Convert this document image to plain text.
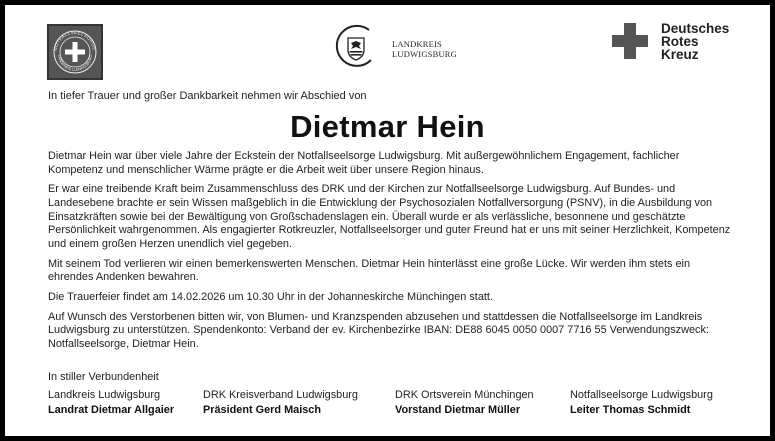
NOTFALLSEELSORGE
LANDKREIS LUDWIGSBURG
LANDKREIS
LUDWIGSBURG
Deutsches
Rotes
Kreuz
In tiefer Trauer und großer Dankbarkeit nehmen wir Abschied von
Dietmar Hein

Dietmar Hein war über viele Jahre der Eckstein der Notfallseelsorge Ludwigsburg. Mit außergewöhnlichem Engagement, fachlicher Kompetenz und menschlicher Wärme prägte er die Arbeit weit über unsere Region hinaus.

Er war eine treibende Kraft beim Zusammenschluss des DRK und der Kirchen zur Notfallseelsorge Ludwigsburg. Auf Bundes- und Landesebene brachte er sein Wissen maßgeblich in die Entwicklung der Psychosozialen Notfallversorgung (PSNV), in die Ausbildung von Einsatzkräften sowie bei der Bewältigung von Großschadenslagen ein. Überall wurde er als verlässliche, besonnene und geschätzte Persönlichkeit wahrgenommen. Als engagierter Rotkreuzler, Notfallseelsorger und guter Freund hat er uns mit seiner Herzlichkeit, Kompetenz und einem großen Herzen unendlich viel gegeben.

Mit seinem Tod verlieren wir einen bemerkenswerten Menschen. Dietmar Hein hinterlässt eine große Lücke. Wir werden ihm stets ein ehrendes Andenken bewahren.

Die Trauerfeier findet am 14.02.2026 um 10.30 Uhr in der Johanneskirche Münchingen statt.

Auf Wunsch des Verstorbenen bitten wir, von Blumen- und Kranzspenden abzusehen und stattdessen die Notfallseelsorge im Landkreis Ludwigsburg zu unterstützen. Spendenkonto: Verband der ev. Kirchenbezirke IBAN: DE88 6045 0050 0007 7716 55 Verwendungszweck: Notfallseelsorge, Dietmar Hein.

In stiller Verbundenheit
Landkreis Ludwigsburg
Landrat Dietmar Allgaier
DRK Kreisverband Ludwigsburg
Präsident Gerd Maisch
DRK Ortsverein Münchingen
Vorstand Dietmar Müller
Notfallseelsorge Ludwigsburg
Leiter Thomas Schmidt
